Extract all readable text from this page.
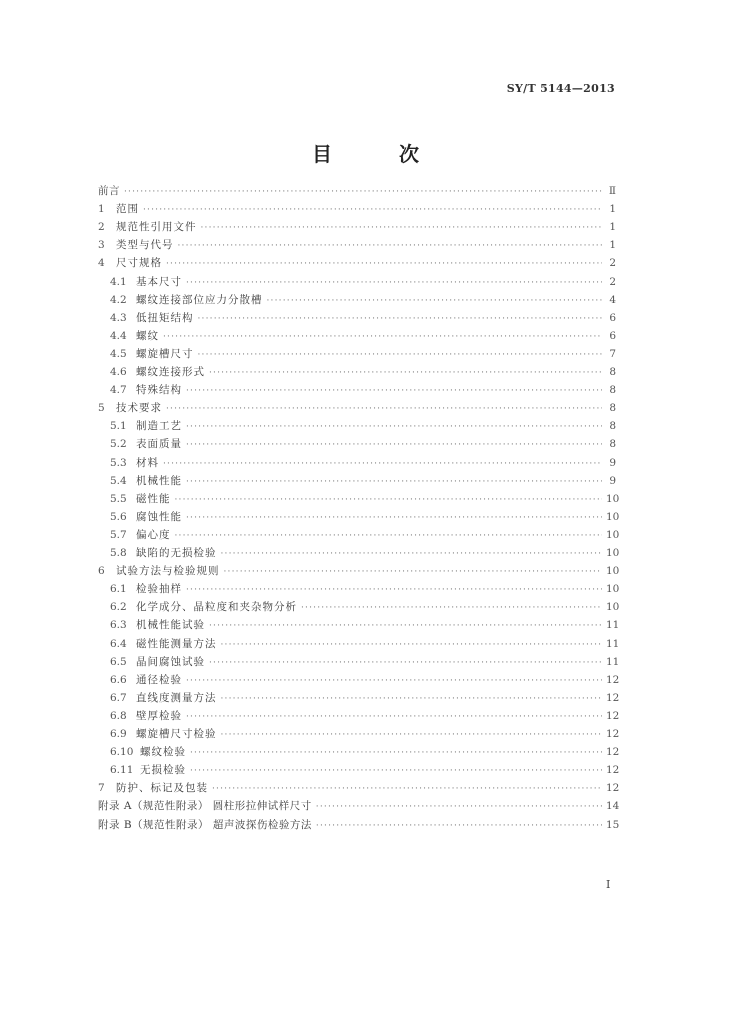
SY/T 5144—2013
目 次
前言 ·····	Ⅱ
1	范围 ·····	1
2	规范性引用文件 ·····	1
3	类型与代号 ·····	1
4	尺寸规格 ·····	2
4.1 基本尺寸 ·····	2
4.2 螺纹连接部位应力分散槽 ·····	4
4.3 低扭矩结构 ·····	6
4.4 螺纹 ·····	6
4.5 螺旋槽尺寸 ·····	7
4.6 螺纹连接形式 ·····	8
4.7 特殊结构 ·····	8
5	技术要求 ·····	8
5.1 制造工艺 ·····	8
5.2 表面质量 ·····	8
5.3 材料 ·····	9
5.4 机械性能 ·····	9
5.5 磁性能 ·····	10
5.6 腐蚀性能 ·····	10
5.7 偏心度 ·····	10
5.8 缺陷的无损检验 ·····	10
6	试验方法与检验规则 ·····	10
6.1 检验抽样 ·····	10
6.2 化学成分、晶粒度和夹杂物分析 ·····	10
6.3 机械性能试验 ·····	11
6.4 磁性能测量方法 ·····	11
6.5 晶间腐蚀试验 ·····	11
6.6 通径检验 ·····	12
6.7 直线度测量方法 ·····	12
6.8 壁厚检验 ·····	12
6.9 螺旋槽尺寸检验 ·····	12
6.10 螺纹检验 ·····	12
6.11 无损检验 ·····	12
7	防护、标记及包装 ·····	12
附录 A（规范性附录） 圆柱形拉伸试样尺寸 ·····	14
附录 B（规范性附录） 超声波探伤检验方法 ·····	15
Ⅰ
